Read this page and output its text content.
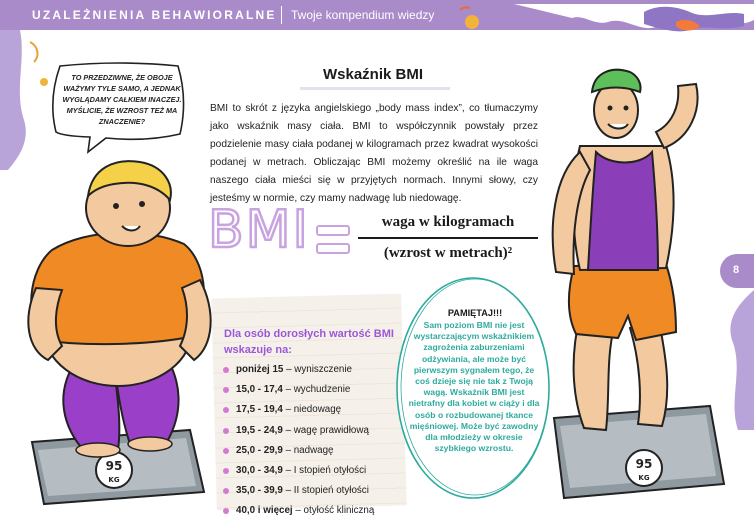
UZALEŻNIENIA BEHAWIORALNE Twoje kompendium wiedzy
8
TO PRZEDZIWNE, ŻE OBOJE WAŻYMY TYLE SAMO, A JEDNAK WYGLĄDAMY CAŁKIEM INACZEJ. MYŚLICIE, ŻE WZROST TEŻ MA ZNACZENIE?
Wskaźnik BMI

BMI to skrót z języka angielskiego „body mass index”, co tłumaczymy jako wskaźnik masy ciała. BMI to współczynnik powstały przez podzielenie masy ciała podanej w kilogramach przez kwadrat wysokości podanej w metrach. Obliczając BMI możemy określić na ile waga naszego ciała mieści się w przyjętych normach. Innymi słowy, czy jesteśmy w normie, czy mamy nadwagę lub niedowagę.

BMI	waga w kilogramach
(wzrost w metrach)²
Dla osób dorosłych wartość BMI wskazuje na:
poniżej 15 – wyniszczenie
15,0 - 17,4 – wychudzenie
17,5 - 19,4 – niedowagę
19,5 - 24,9 – wagę prawidłową
25,0 - 29,9 – nadwagę
30,0 - 34,9 – I stopień otyłości
35,0 - 39,9 – II stopień otyłości
40,0 i więcej – otyłość kliniczną
PAMIĘTAJ!!!
Sam poziom BMI nie jest wystarczającym wskaźnikiem zagrożenia zaburzeniami odżywiania, ale może być pierwszym sygnałem tego, że coś dzieje się nie tak z Twoją wagą. Wskaźnik BMI jest nietrafny dla kobiet w ciąży i dla osób o rozbudowanej tkance mięśniowej. Może być zawodny dla młodzieży w okresie szybkiego wzrostu.
95
KG
95
KG
